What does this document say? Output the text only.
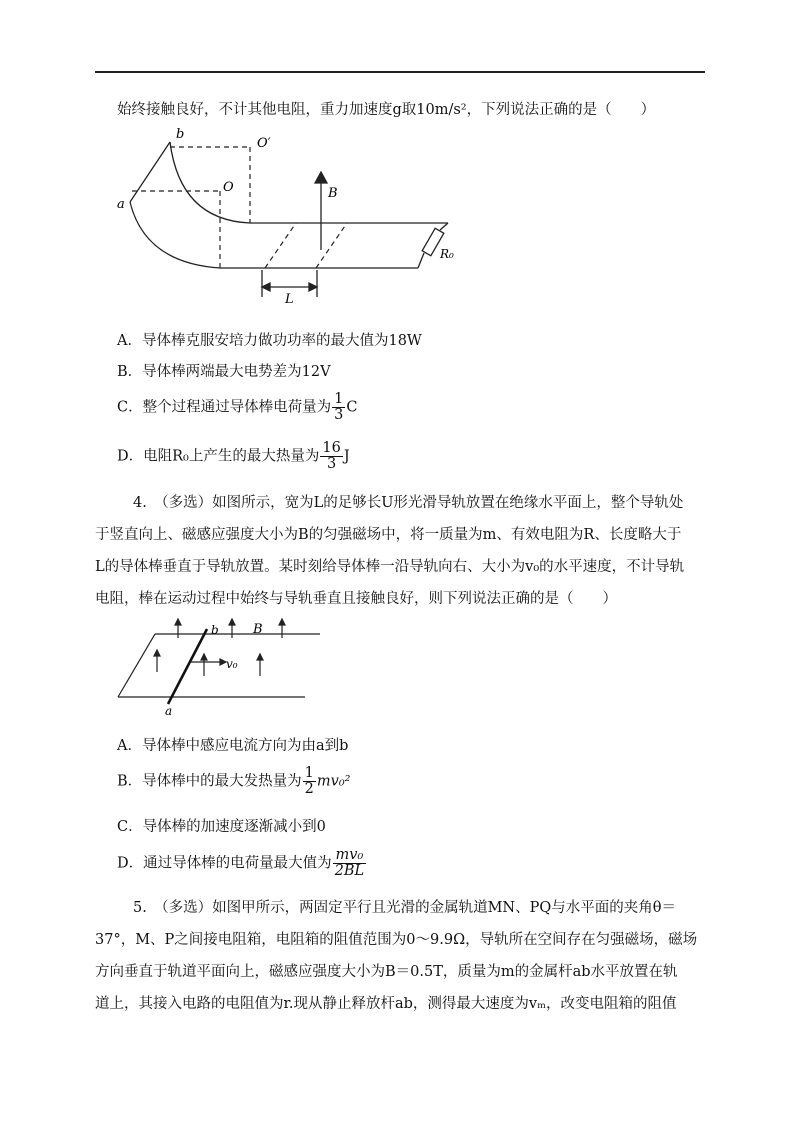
始终接触良好，不计其他电阻，重力加速度g取10m/s²，下列说法正确的是（　　）
b
O′
O
a
B
R₀
L
A．导体棒克服安培力做功功率的最大值为18W
B．导体棒两端最大电势差为12V
C．整个过程通过导体棒电荷量为 $\frac{1}{3}$ C
D．电阻R₀上产生的最大热量为 $\frac{16}{3}$ J
4.　（多选）如图所示，宽为L的足够长U形光滑导轨放置在绝缘水平面上，整个导轨处
于竖直向上、磁感应强度大小为B的匀强磁场中，将一质量为m、有效电阻为R、长度略大于
L的导体棒垂直于导轨放置。某时刻给导体棒一沿导轨向右、大小为v₀的水平速度，不计导轨
电阻，棒在运动过程中始终与导轨垂直且接触良好，则下列说法正确的是（　　）
b	B
v₀
a
A．导体棒中感应电流方向为由a到b
B．导体棒中的最大发热量为 $\frac{1}{2} mv_0^2$
C．导体棒的加速度逐渐减小到0
D．通过导体棒的电荷量最大值为 $\frac{\text{mv₀}}{2BL}$
5.　（多选）如图甲所示，两固定平行且光滑的金属轨道MN、PQ与水平面的夹角θ＝
37°，M、P之间接电阻箱，电阻箱的阻值范围为0～9.9Ω，导轨所在空间存在匀强磁场，磁场
方向垂直于轨道平面向上，磁感应强度大小为B＝0.5T，质量为m的金属杆ab水平放置在轨
道上，其接入电路的电阻值为r.现从静止释放杆ab，测得最大速度为vₘ，改变电阻箱的阻值
